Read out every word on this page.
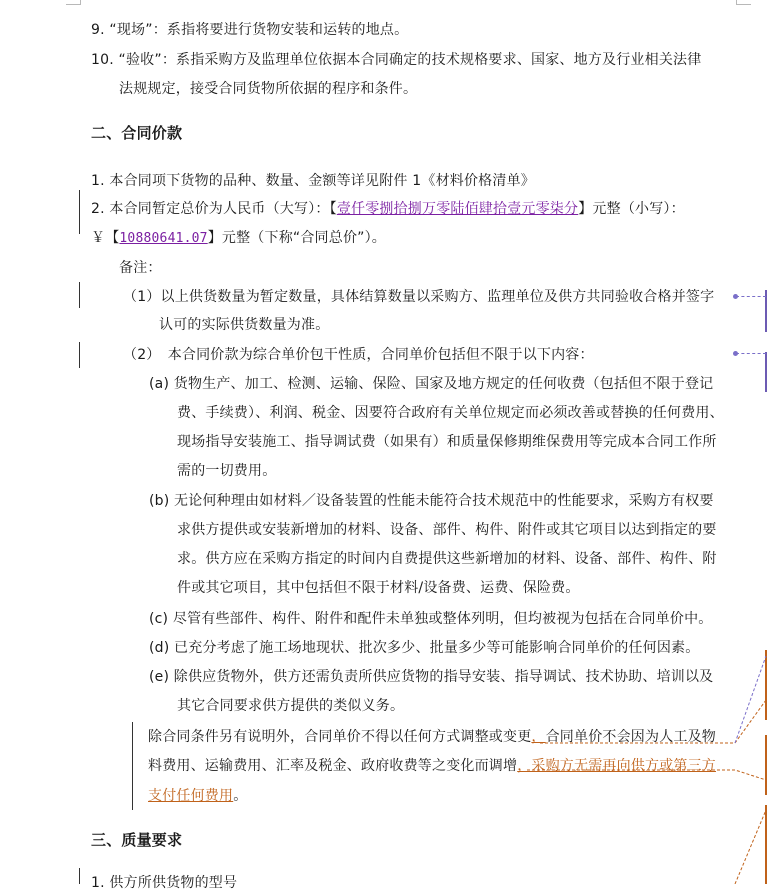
9. “现场”：系指将要进行货物安装和运转的地点。
10. “验收”：系指采购方及监理单位依据本合同确定的技术规格要求、国家、地方及行业相关法律
法规规定，接受合同货物所依据的程序和条件。
二、合同价款
1. 本合同项下货物的品种、数量、金额等详见附件 1《材料价格清单》
2. 本合同暂定总价为人民币（大写）：【壹仟零捌拾捌万零陆佰肆拾壹元零柒分】元整（小写）：
￥【10880641.07】元整（下称“合同总价”）。
备注：
（1）以上供货数量为暂定数量，具体结算数量以采购方、监理单位及供方共同验收合格并签字
认可的实际供货数量为准。
（2）　本合同价款为综合单价包干性质，合同单价包括但不限于以下内容：
(a) 货物生产、加工、检测、运输、保险、国家及地方规定的任何收费（包括但不限于登记
费、手续费）、利润、税金、因要符合政府有关单位规定而必须改善或替换的任何费用、
现场指导安装施工、指导调试费（如果有）和质量保修期维保费用等完成本合同工作所
需的一切费用。
(b) 无论何种理由如材料／设备装置的性能未能符合技术规范中的性能要求，采购方有权要
求供方提供或安装新增加的材料、设备、部件、构件、附件或其它项目以达到指定的要
求。供方应在采购方指定的时间内自费提供这些新增加的材料、设备、部件、构件、附
件或其它项目，其中包括但不限于材料/设备费、运费、保险费。
(c) 尽管有些部件、构件、附件和配件未单独或整体列明，但均被视为包括在合同单价中。
(d) 已充分考虑了施工场地现状、批次多少、批量多少等可能影响合同单价的任何因素。
(e) 除供应货物外，供方还需负责所供应货物的指导安装、指导调试、技术协助、培训以及
其它合同要求供方提供的类似义务。
除合同条件另有说明外，合同单价不得以任何方式调整或变更，合同单价不会因为人工及物
料费用、运输费用、汇率及税金、政府收费等之变化而调增，采购方无需再向供方或第三方
支付任何费用。
三、质量要求
1. 供方所供货物的型号
